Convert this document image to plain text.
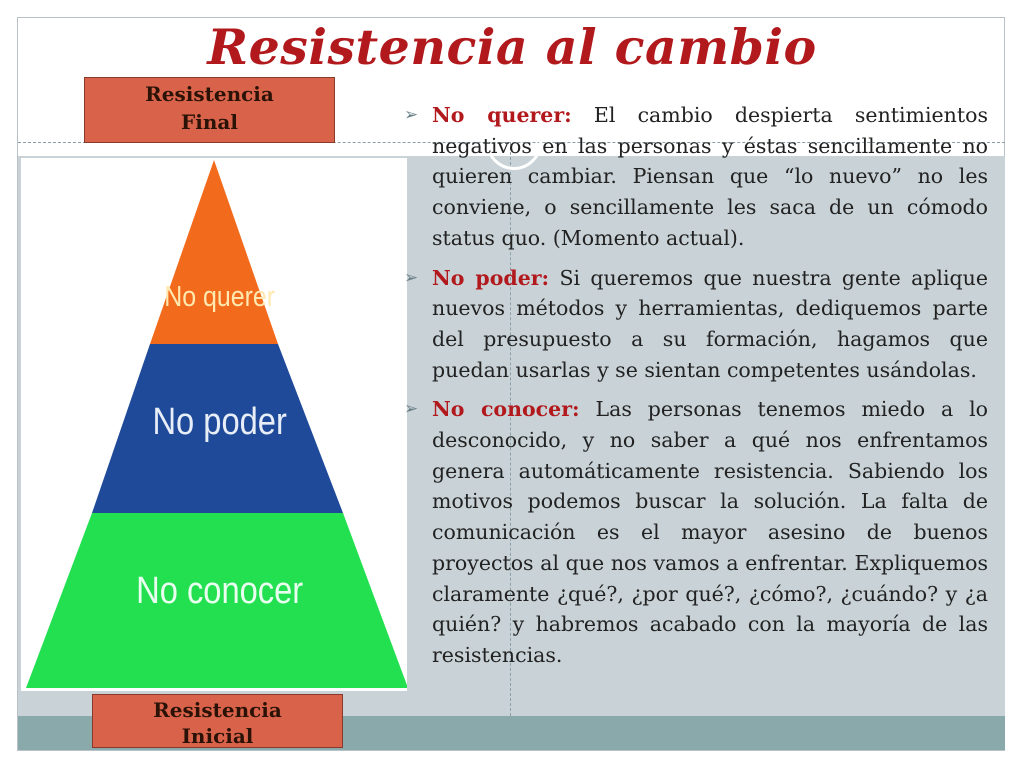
Resistencia al cambio
No querer
No poder
No conocer
Resistencia
Final
Resistencia
Inicial
➢ No querer: El cambio despierta sentimientos negativos en las personas y éstas sencillamente no quieren cambiar. Piensan que “lo nuevo” no les conviene, o sencillamente les saca de un cómodo status quo. (Momento actual).
➢ No poder: Si queremos que nuestra gente aplique nuevos métodos y herramientas, dediquemos parte del presupuesto a su formación, hagamos que puedan usarlas y se sientan competentes usándolas.
➢ No conocer: Las personas tenemos miedo a lo desconocido, y no saber a qué nos enfrentamos genera automáticamente resistencia. Sabiendo los motivos podemos buscar la solución. La falta de comunicación es el mayor asesino de buenos proyectos al que nos vamos a enfrentar. Expliquemos claramente ¿qué?, ¿por qué?, ¿cómo?, ¿cuándo? y ¿a quién? y habremos acabado con la mayoría de las resistencias.
